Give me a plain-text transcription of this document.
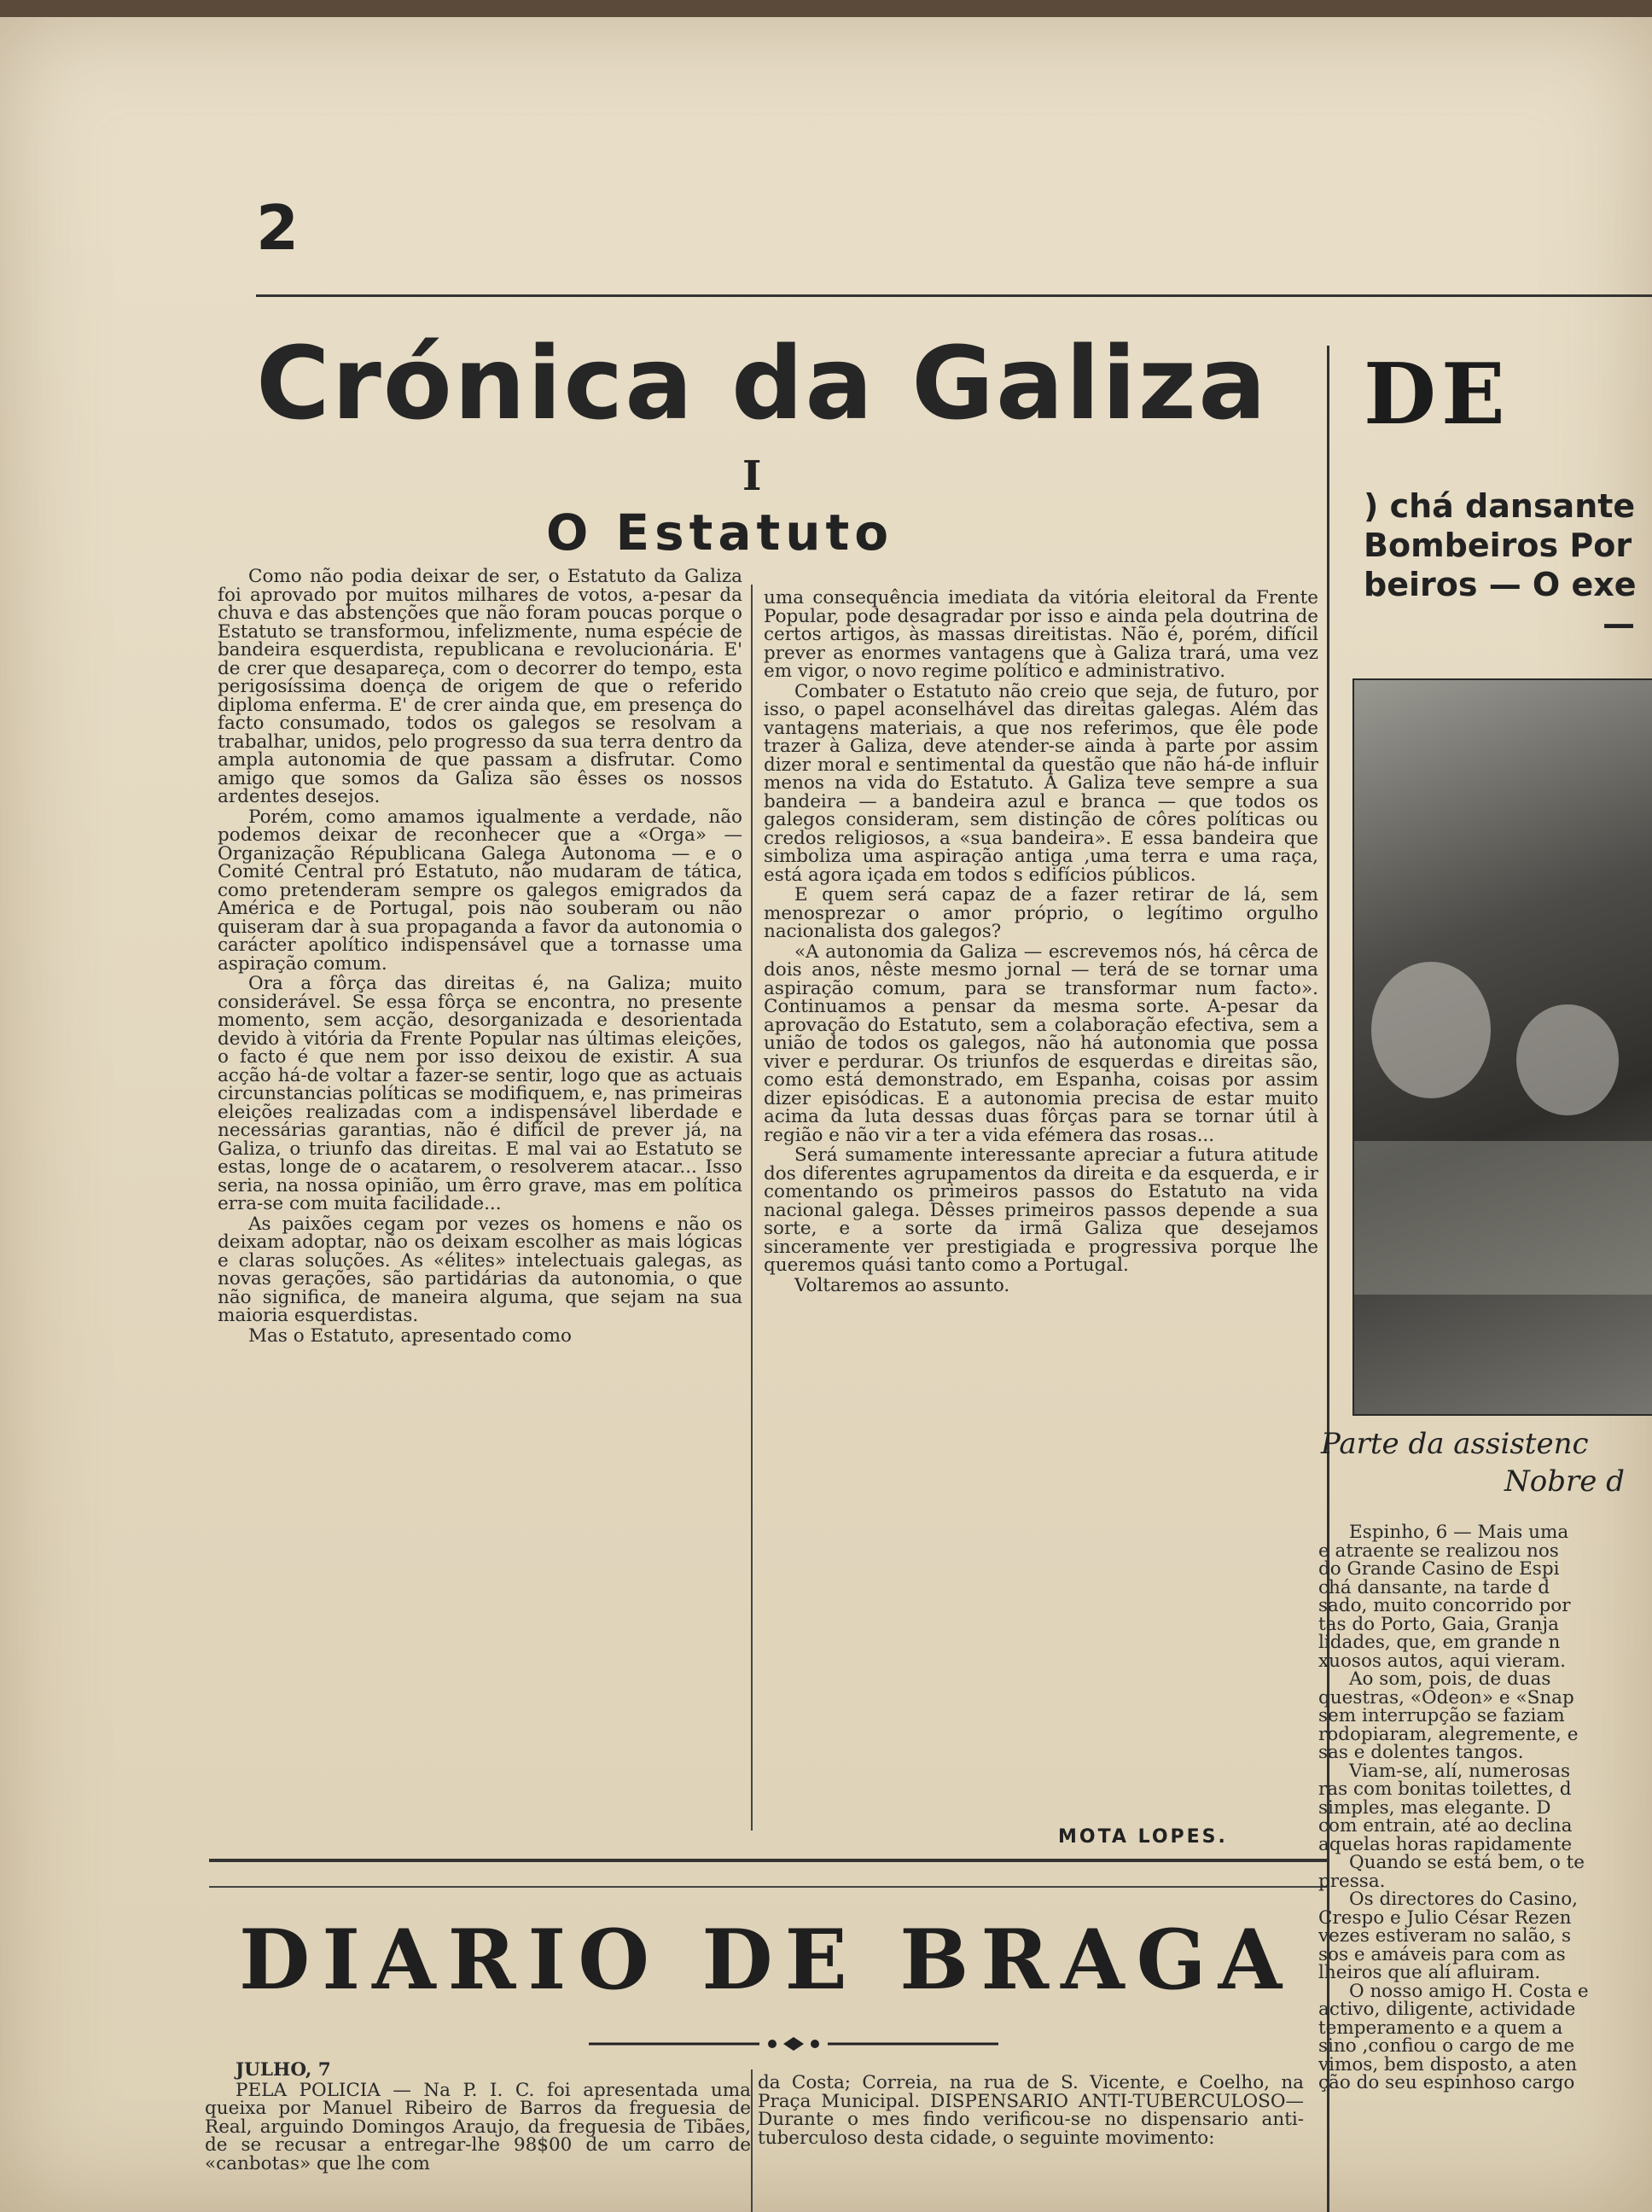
2
Crónica da Galiza
I
O Estatuto

Como não podia deixar de ser, o Estatuto da Galiza foi aprovado por muitos milhares de votos, a-pesar da chuva e das abstenções que não foram poucas porque o Estatuto se transformou, infelizmente, numa espécie de bandeira esquerdista, republicana e revolucionária. E' de crer que desapareça, com o decorrer do tempo, esta perigosíssima doença de origem de que o referido diploma enferma. E' de crer ainda que, em presença do facto consumado, todos os galegos se resolvam a trabalhar, unidos, pelo progresso da sua terra dentro da ampla autonomia de que passam a disfrutar. Como amigo que somos da Galiza são êsses os nossos ardentes desejos.

Porém, como amamos igualmente a verdade, não podemos deixar de reconhecer que a «Orga» — Organização Républicana Galega Autonoma — e o Comité Central pró Estatuto, não mudaram de tática, como pretenderam sempre os galegos emigrados da América e de Portugal, pois não souberam ou não quiseram dar à sua propaganda a favor da autonomia o carácter apolítico indispensável que a tornasse uma aspiração comum.

Ora a fôrça das direitas é, na Galiza; muito considerável. Se essa fôrça se encontra, no presente momento, sem acção, desorganizada e desorientada devido à vitória da Frente Popular nas últimas eleições, o facto é que nem por isso deixou de existir. A sua acção há-de voltar a fazer-se sentir, logo que as actuais circunstancias políticas se modifiquem, e, nas primeiras eleições realizadas com a indispensável liberdade e necessárias garantias, não é difícil de prever já, na Galiza, o triunfo das direitas. E mal vai ao Estatuto se estas, longe de o acatarem, o resolverem atacar... Isso seria, na nossa opinião, um êrro grave, mas em política erra-se com muita facilidade...

As paixões cegam por vezes os homens e não os deixam adoptar, não os deixam escolher as mais lógicas e claras soluções. As «élites» intelectuais galegas, as novas gerações, são partidárias da autonomia, o que não significa, de maneira alguma, que sejam na sua maioria esquerdistas.

Mas o Estatuto, apresentado como

uma consequência imediata da vitória eleitoral da Frente Popular, pode desagradar por isso e ainda pela doutrina de certos artigos, às massas direitistas. Não é, porém, difícil prever as enormes vantagens que à Galiza trará, uma vez em vigor, o novo regime político e administrativo.

Combater o Estatuto não creio que seja, de futuro, por isso, o papel aconselhável das direitas galegas. Além das vantagens materiais, a que nos referimos, que êle pode trazer à Galiza, deve atender-se ainda à parte por assim dizer moral e sentimental da questão que não há-de influir menos na vida do Estatuto. A Galiza teve sempre a sua bandeira — a bandeira azul e branca — que todos os galegos consideram, sem distinção de côres políticas ou credos religiosos, a «sua bandeira». E essa bandeira que simboliza uma aspiração antiga ,uma terra e uma raça, está agora içada em todos s edifícios públicos.

E quem será capaz de a fazer retirar de lá, sem menosprezar o amor próprio, o legítimo orgulho nacionalista dos galegos?

«A autonomia da Galiza — escrevemos nós, há cêrca de dois anos, nêste mesmo jornal — terá de se tornar uma aspiração comum, para se transformar num facto». Continuamos a pensar da mesma sorte. A-pesar da aprovação do Estatuto, sem a colaboração efectiva, sem a união de todos os galegos, não há autonomia que possa viver e perdurar. Os triunfos de esquerdas e direitas são, como está demonstrado, em Espanha, coisas por assim dizer episódicas. E a autonomia precisa de estar muito acima da luta dessas duas fôrças para se tornar útil à região e não vir a ter a vida efémera das rosas...

Será sumamente interessante apreciar a futura atitude dos diferentes agrupamentos da direita e da esquerda, e ir comentando os primeiros passos do Estatuto na vida nacional galega. Dêsses primeiros passos depende a sua sorte, e a sorte da irmã Galiza que desejamos sinceramente ver prestigiada e progressiva porque lhe queremos quási tanto como a Portugal.

Voltaremos ao assunto.

MOTA LOPES.
DIARIO DE BRAGA

JULHO, 7

PELA POLICIA — Na P. I. C. foi apresentada uma queixa por Manuel Ribeiro de Barros da freguesia de Real, arguindo Domingos Araujo, da freguesia de Tibães, de se recusar a entregar-lhe 98$00 de um carro de «canbotas» que lhe com

da Costa; Correia, na rua de S. Vicente, e Coelho, na Praça Municipal. DISPENSARIO ANTI-TUBERCULOSO— Durante o mes findo verificou-se no dispensario anti-tuberculoso desta cidade, o seguinte movimento:

DE

) chá dansante

Bombeiros Por

beiros — O exe

—

Parte da assistenc

Nobre d

Espinho, 6 — Mais uma

e atraente se realizou nos

do Grande Casino de Espi

chá dansante, na tarde d

sado, muito concorrido por

tas do Porto, Gaia, Granja

lidades, que, em grande n

xuosos autos, aqui vieram.

Ao som, pois, de duas

questras, «Odeon» e «Snap

sem interrupção se faziam

rodopiaram, alegremente, e

sas e dolentes tangos.

Viam-se, alí, numerosas

ras com bonitas toilettes, d

simples, mas elegante. D

com entrain, até ao declina

aquelas horas rapidamente

Quando se está bem, o te

pressa.

Os directores do Casino,

Crespo e Julio César Rezen

vezes estiveram no salão, s

sos e amáveis para com as

lheiros que alí afluiram.

O nosso amigo H. Costa e

activo, diligente, actividade

temperamento e a quem a

sino ,confiou o cargo de me

vimos, bem disposto, a aten

ção do seu espinhoso cargo
